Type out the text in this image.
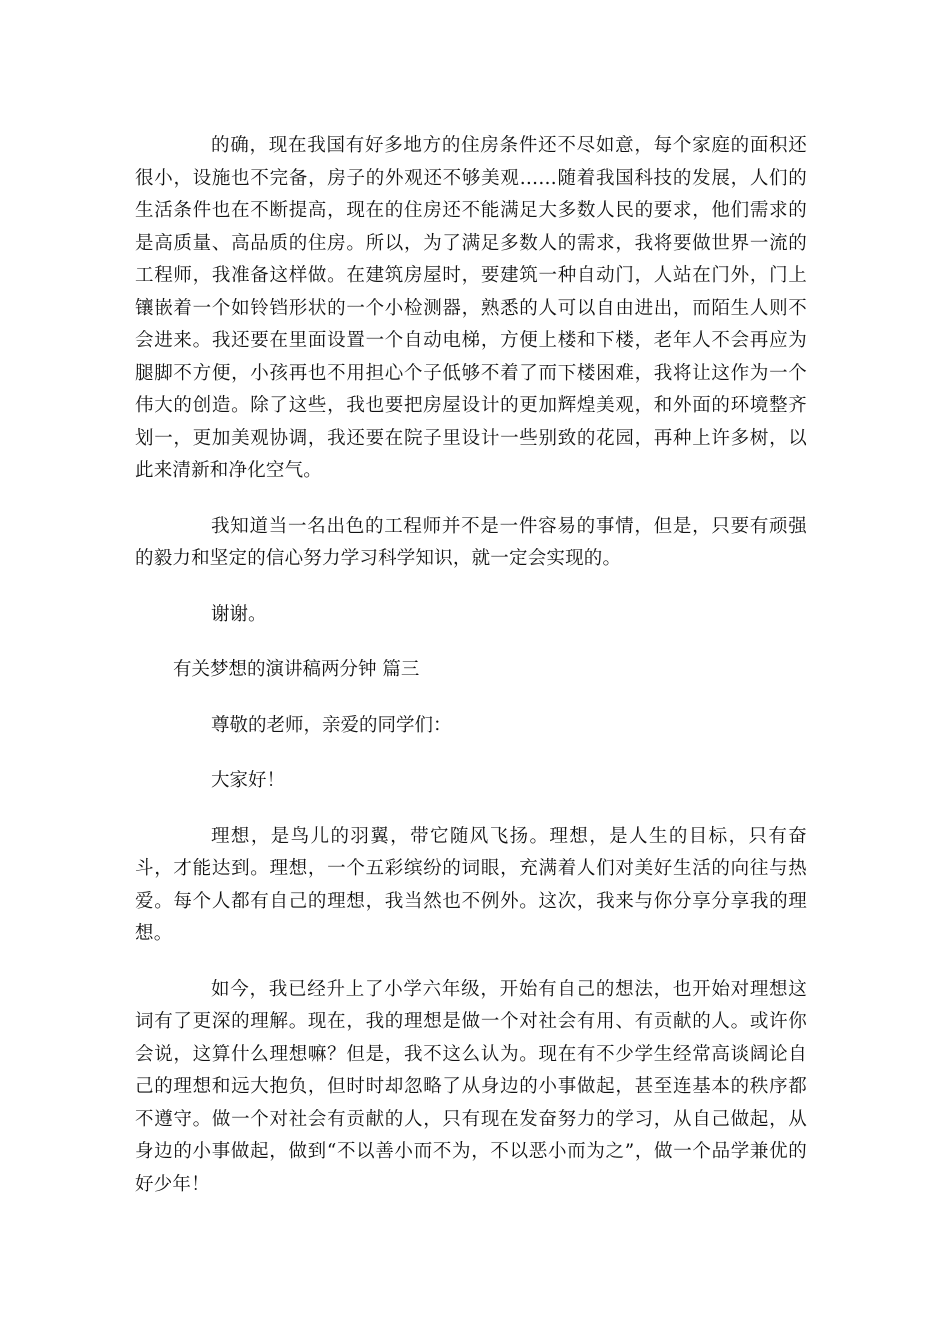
的确，现在我国有好多地方的住房条件还不尽如意，每个家庭的面积还很小，设施也不完备，房子的外观还不够美观……随着我国科技的发展，人们的生活条件也在不断提高，现在的住房还不能满足大多数人民的要求，他们需求的是高质量、高品质的住房。所以，为了满足多数人的需求，我将要做世界一流的工程师，我准备这样做。在建筑房屋时，要建筑一种自动门，人站在门外，门上镶嵌着一个如铃铛形状的一个小检测器，熟悉的人可以自由进出，而陌生人则不会进来。我还要在里面设置一个自动电梯，方便上楼和下楼，老年人不会再应为腿脚不方便，小孩再也不用担心个子低够不着了而下楼困难，我将让这作为一个伟大的创造。除了这些，我也要把房屋设计的更加辉煌美观，和外面的环境整齐划一，更加美观协调，我还要在院子里设计一些别致的花园，再种上许多树，以此来清新和净化空气。

我知道当一名出色的工程师并不是一件容易的事情，但是，只要有顽强的毅力和坚定的信心努力学习科学知识，就一定会实现的。

谢谢。

有关梦想的演讲稿两分钟 篇三

尊敬的老师，亲爱的同学们：

大家好！

理想，是鸟儿的羽翼，带它随风飞扬。理想，是人生的目标，只有奋斗，才能达到。理想，一个五彩缤纷的词眼，充满着人们对美好生活的向往与热爱。每个人都有自己的理想，我当然也不例外。这次，我来与你分享分享我的理想。

如今，我已经升上了小学六年级，开始有自己的想法，也开始对理想这词有了更深的理解。现在，我的理想是做一个对社会有用、有贡献的人。或许你会说，这算什么理想嘛？但是，我不这么认为。现在有不少学生经常高谈阔论自己的理想和远大抱负，但时时却忽略了从身边的小事做起，甚至连基本的秩序都不遵守。做一个对社会有贡献的人，只有现在发奋努力的学习，从自己做起，从身边的小事做起，做到“不以善小而不为，不以恶小而为之”，做一个品学兼优的好少年！
